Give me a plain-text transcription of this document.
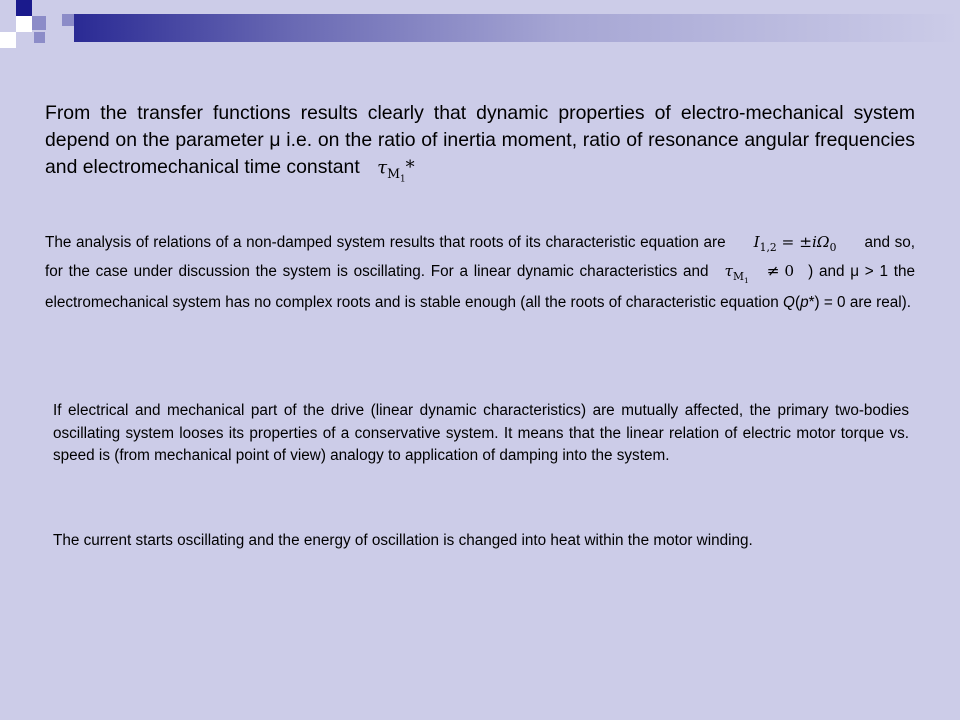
From the transfer functions results clearly that dynamic properties of electro-mechanical system depend on the parameter μ i.e. on the ratio of inertia moment, ratio of resonance angular frequencies and electromechanical time constant $\tau_{M_1}*$
The analysis of relations of a non-damped system results that roots of its characteristic equation are $I_{1,2} = \pm i\Omega_0$ and so, for the case under discussion the system is oscillating. For a linear dynamic characteristics and $\tau_{M_1}\ne 0$ ) and μ > 1 the electromechanical system has no complex roots and is stable enough (all the roots of characteristic equation Q(p*) = 0 are real).
If electrical and mechanical part of the drive (linear dynamic characteristics) are mutually affected, the primary two-bodies oscillating system looses its properties of a conservative system. It means that the linear relation of electric motor torque vs. speed is (from mechanical point of view) analogy to application of damping into the system.
The current starts oscillating and the energy of oscillation is changed into heat within the motor winding.
